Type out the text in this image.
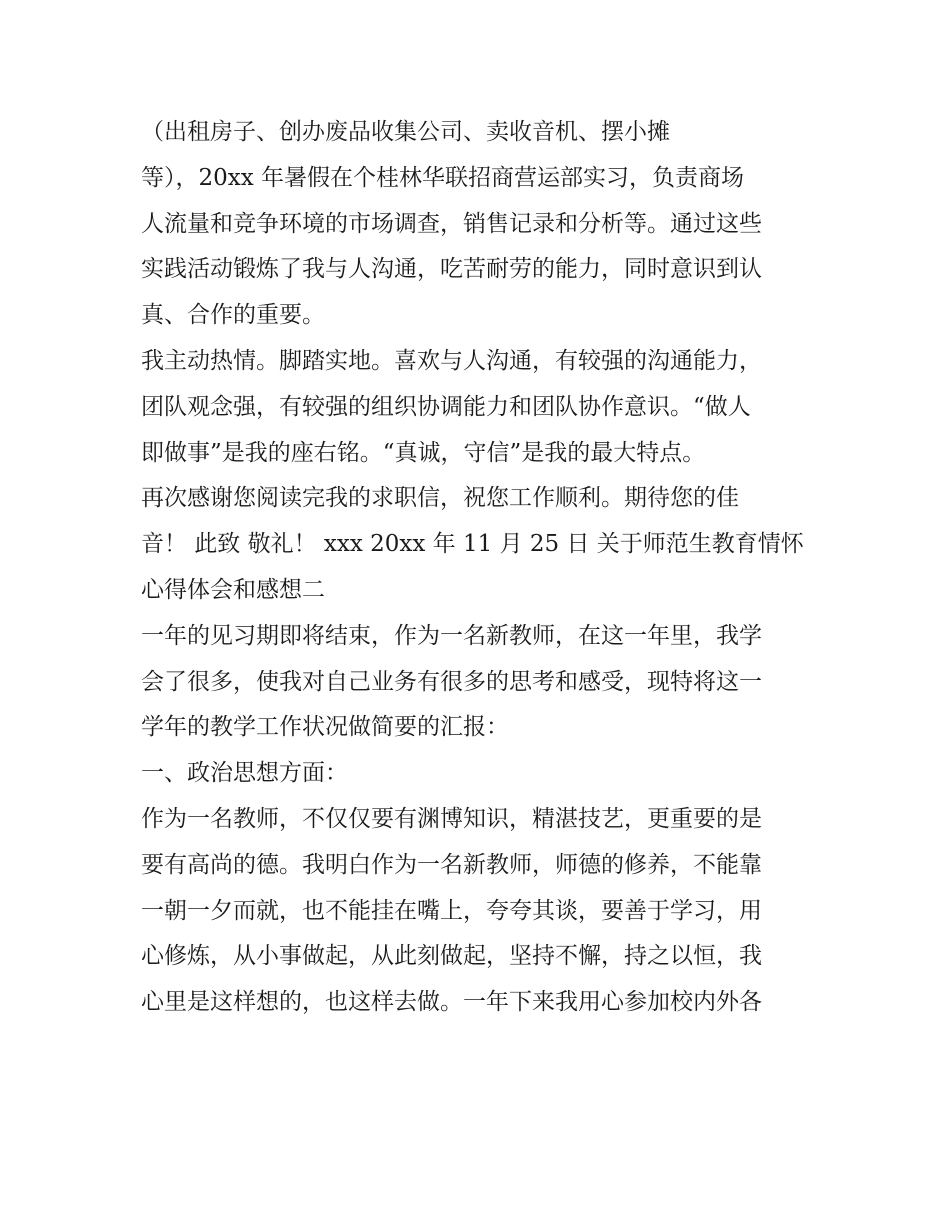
（出租房子、创办废品收集公司、卖收音机、摆小摊
等），20xx 年暑假在个桂林华联招商营运部实习，负责商场
人流量和竞争环境的市场调查，销售记录和分析等。通过这些
实践活动锻炼了我与人沟通，吃苦耐劳的能力，同时意识到认
真、合作的重要。
我主动热情。脚踏实地。喜欢与人沟通，有较强的沟通能力，
团队观念强，有较强的组织协调能力和团队协作意识。“做人
即做事”是我的座右铭。“真诚，守信”是我的最大特点。
再次感谢您阅读完我的求职信，祝您工作顺利。期待您的佳
音！ 此致 敬礼！ xxx 20xx 年 11 月 25 日 关于师范生教育情怀
心得体会和感想二
一年的见习期即将结束，作为一名新教师，在这一年里，我学
会了很多，使我对自己业务有很多的思考和感受，现特将这一
学年的教学工作状况做简要的汇报：
一、政治思想方面：
作为一名教师，不仅仅要有渊博知识，精湛技艺，更重要的是
要有高尚的德。我明白作为一名新教师，师德的修养，不能靠
一朝一夕而就，也不能挂在嘴上，夸夸其谈，要善于学习，用
心修炼，从小事做起，从此刻做起，坚持不懈，持之以恒，我
心里是这样想的，也这样去做。一年下来我用心参加校内外各
